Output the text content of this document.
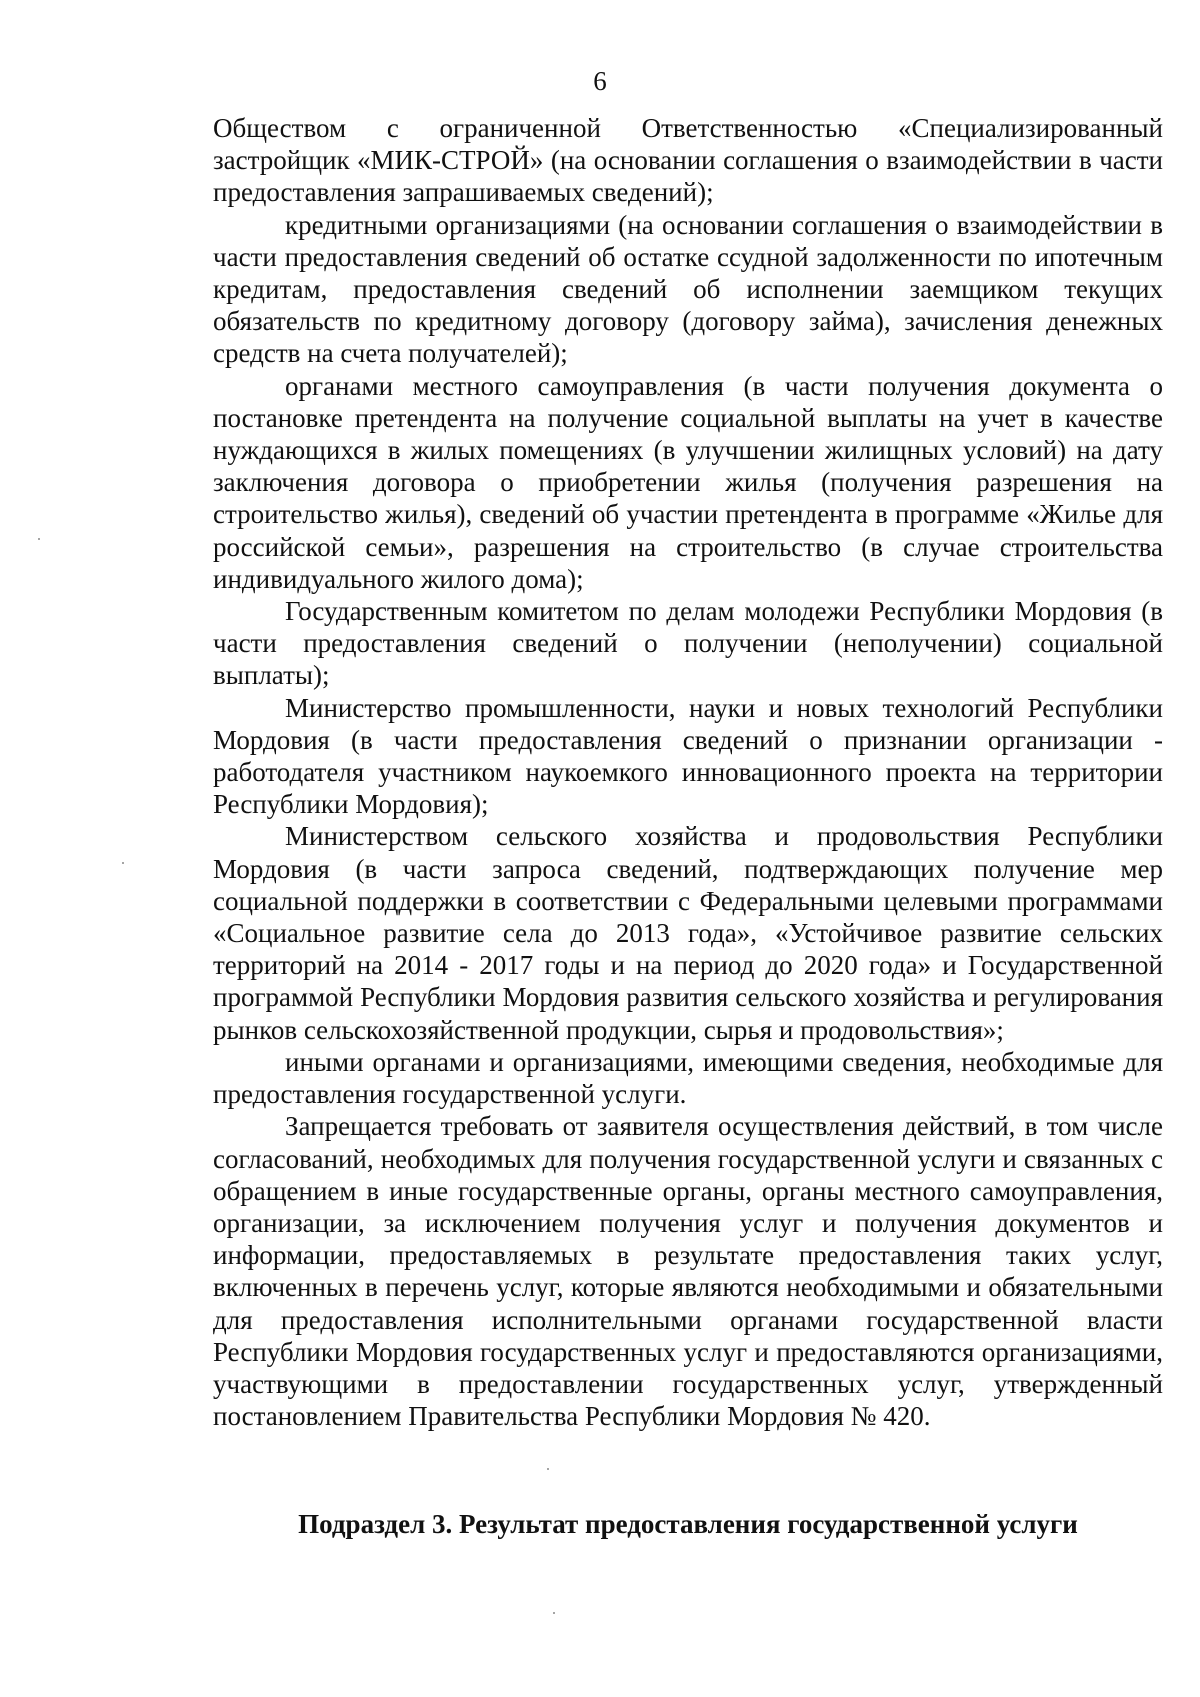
6

Обществом с ограниченной Ответственностью «Специализированный застройщик «МИК-СТРОЙ» (на основании соглашения о взаимодействии в части предоставления запрашиваемых сведений);

кредитными организациями (на основании соглашения о взаимодействии в части предоставления сведений об остатке ссудной задолженности по ипотечным кредитам, предоставления сведений об исполнении заемщиком текущих обязательств по кредитному договору (договору займа), зачисления денежных средств на счета получателей);

органами местного самоуправления (в части получения документа о постановке претендента на получение социальной выплаты на учет в качестве нуждающихся в жилых помещениях (в улучшении жилищных условий) на дату заключения договора о приобретении жилья (получения разрешения на строительство жилья), сведений об участии претендента в программе «Жилье для российской семьи», разрешения на строительство (в случае строительства индивидуального жилого дома);

Государственным комитетом по делам молодежи Республики Мордовия (в части предоставления сведений о получении (неполучении) социальной выплаты);

Министерство промышленности, науки и новых технологий Республики Мордовия (в части предоставления сведений о признании организации - работодателя участником наукоемкого инновационного проекта на территории Республики Мордовия);

Министерством сельского хозяйства и продовольствия Республики Мордовия (в части запроса сведений, подтверждающих получение мер социальной поддержки в соответствии с Федеральными целевыми программами «Социальное развитие села до 2013 года», «Устойчивое развитие сельских территорий на 2014 - 2017 годы и на период до 2020 года» и Государственной программой Республики Мордовия развития сельского хозяйства и регулирования рынков сельскохозяйственной продукции, сырья и продовольствия»;

иными органами и организациями, имеющими сведения, необходимые для предоставления государственной услуги.

Запрещается требовать от заявителя осуществления действий, в том числе согласований, необходимых для получения государственной услуги и связанных с обращением в иные государственные органы, органы местного самоуправления, организации, за исключением получения услуг и получения документов и информации, предоставляемых в результате предоставления таких услуг, включенных в перечень услуг, которые являются необходимыми и обязательными для предоставления исполнительными органами государственной власти Республики Мордовия государственных услуг и предоставляются организациями, участвующими в предоставлении государственных услуг, утвержденный постановлением Правительства Республики Мордовия № 420.

Подраздел 3. Результат предоставления государственной услуги
